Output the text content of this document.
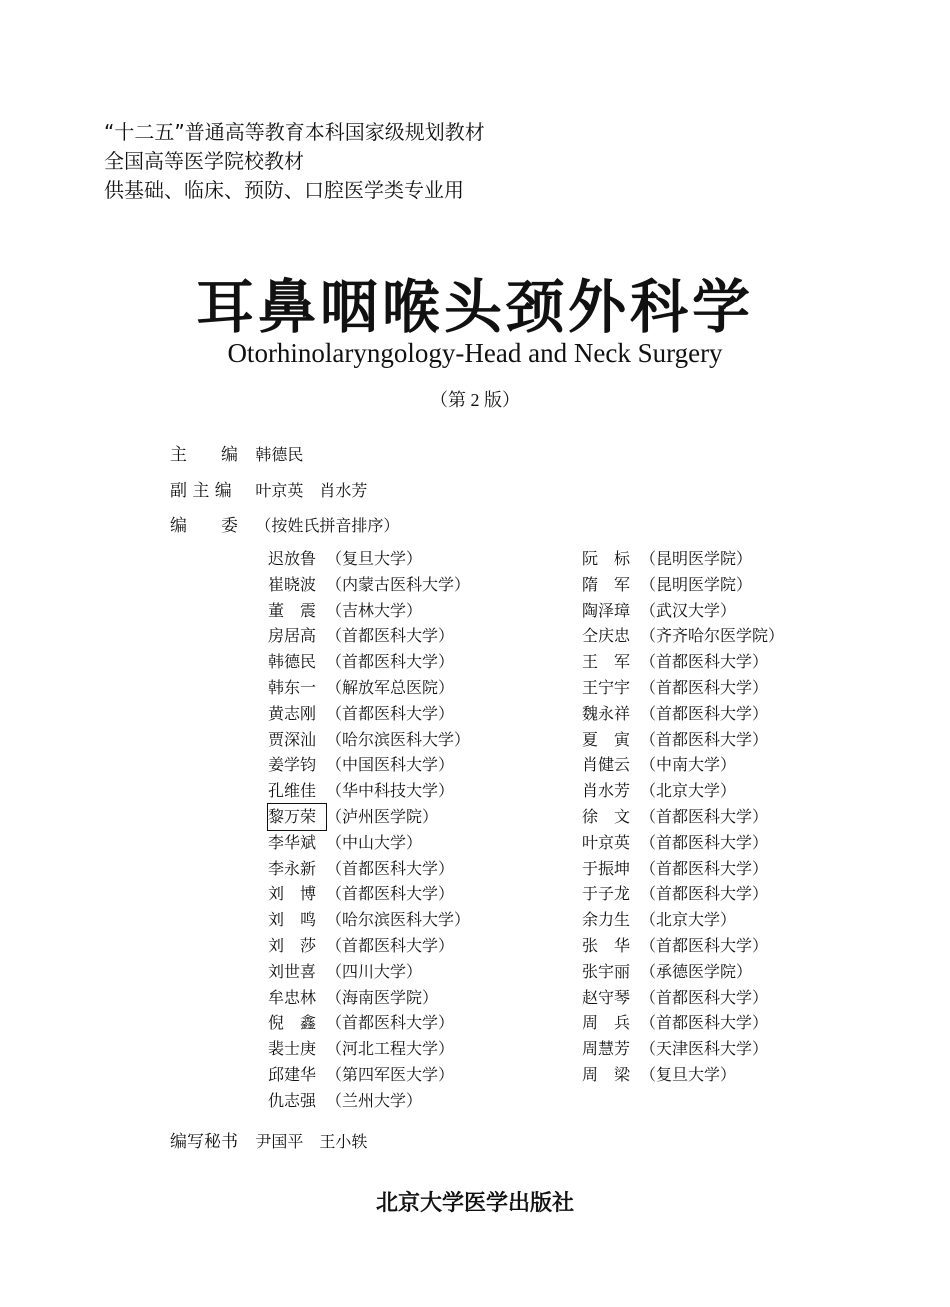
“十二五”普通高等教育本科国家级规划教材
全国高等医学院校教材
供基础、临床、预防、口腔医学类专业用
耳鼻咽喉头颈外科学
Otorhinolaryngology-Head and Neck Surgery
（第 2 版）
主　　编 韩德民
副 主 编 叶京英　肖水芳
编　　委 （按姓氏拼音排序）
迟放鲁 （复旦大学）
崔晓波 （内蒙古医科大学）
董　震 （吉林大学）
房居高 （首都医科大学）
韩德民 （首都医科大学）
韩东一 （解放军总医院）
黄志刚 （首都医科大学）
贾深汕 （哈尔滨医科大学）
姜学钧 （中国医科大学）
孔维佳 （华中科技大学）
黎万荣 （泸州医学院）
李华斌 （中山大学）
李永新 （首都医科大学）
刘　博 （首都医科大学）
刘　鸣 （哈尔滨医科大学）
刘　莎 （首都医科大学）
刘世喜 （四川大学）
牟忠林 （海南医学院）
倪　鑫 （首都医科大学）
裴士庚 （河北工程大学）
邱建华 （第四军医大学）
仇志强 （兰州大学）
阮　标 （昆明医学院）
隋　军 （昆明医学院）
陶泽璋 （武汉大学）
仝庆忠 （齐齐哈尔医学院）
王　军 （首都医科大学）
王宁宇 （首都医科大学）
魏永祥 （首都医科大学）
夏　寅 （首都医科大学）
肖健云 （中南大学）
肖水芳 （北京大学）
徐　文 （首都医科大学）
叶京英 （首都医科大学）
于振坤 （首都医科大学）
于子龙 （首都医科大学）
余力生 （北京大学）
张　华 （首都医科大学）
张宇丽 （承德医学院）
赵守琴 （首都医科大学）
周　兵 （首都医科大学）
周慧芳 （天津医科大学）
周　梁 （复旦大学）
编写秘书 尹国平　王小轶
北京大学医学出版社
